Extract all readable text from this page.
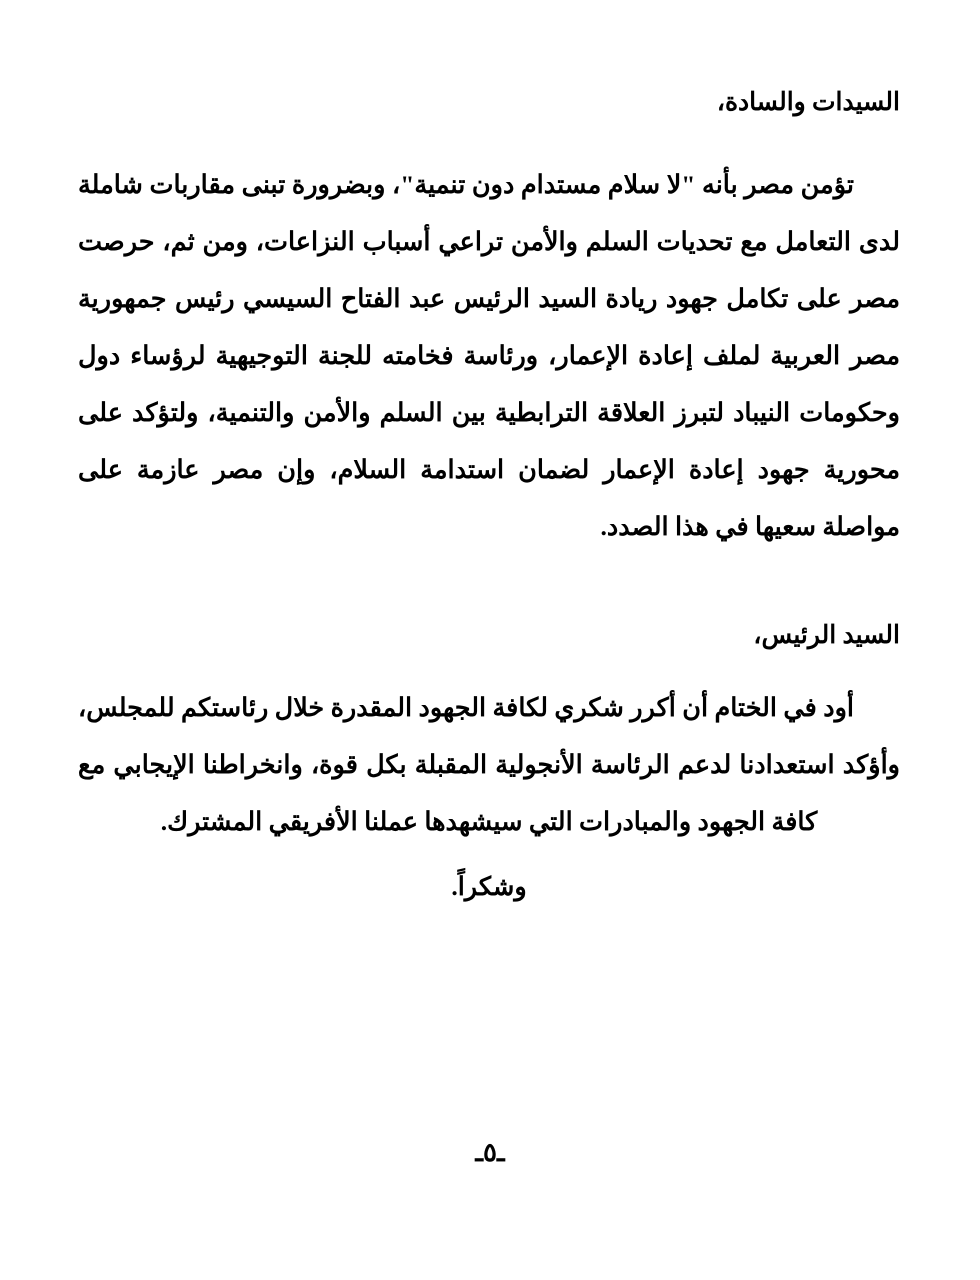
السيدات والسادة،

تؤمن مصر بأنه "لا سلام مستدام دون تنمية"، وبضرورة تبنى مقاربات شاملة لدى التعامل مع تحديات السلم والأمن تراعي أسباب النزاعات، ومن ثم، حرصت مصر على تكامل جهود ريادة السيد الرئيس عبد الفتاح السيسي رئيس جمهورية مصر العربية لملف إعادة الإعمار، ورئاسة فخامته للجنة التوجيهية لرؤساء دول وحكومات النيباد لتبرز العلاقة الترابطية بين السلم والأمن والتنمية، ولتؤكد على محورية جهود إعادة الإعمار لضمان استدامة السلام، وإن مصر عازمة على مواصلة سعيها في هذا الصدد.

السيد الرئيس،

أود في الختام أن أكرر شكري لكافة الجهود المقدرة خلال رئاستكم للمجلس، وأؤكد استعدادنا لدعم الرئاسة الأنجولية المقبلة بكل قوة، وانخراطنا الإيجابي مع كافة الجهود والمبادرات التي سيشهدها عملنا الأفريقي المشترك.

وشكراً.

ـ٥ـ
